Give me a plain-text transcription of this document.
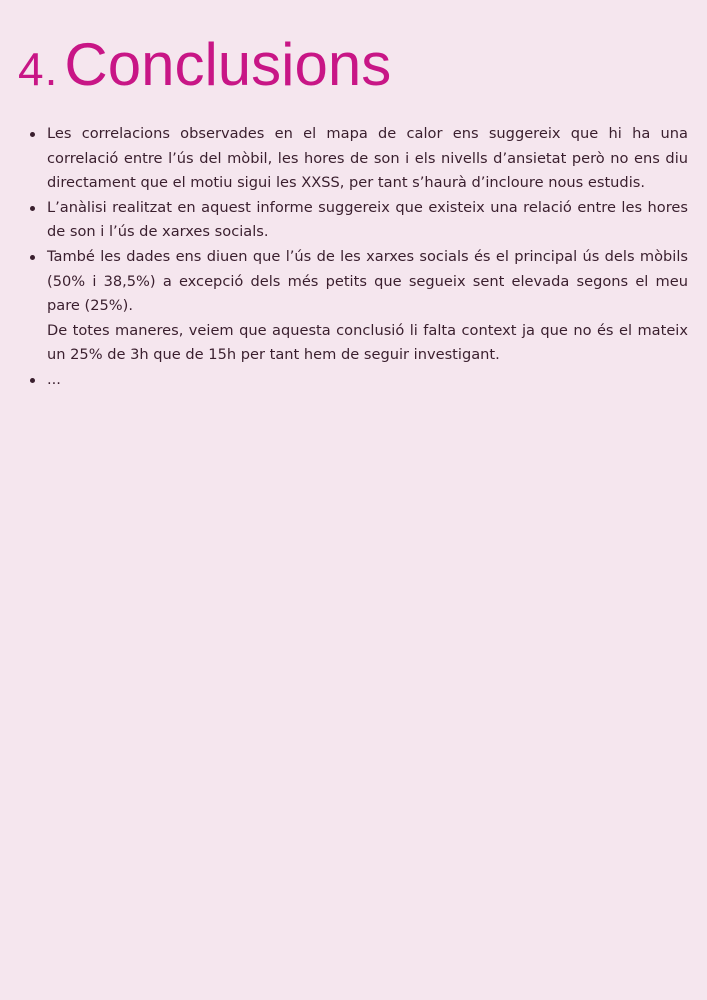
4. Conclusions

Les correlacions observades en el mapa de calor ens suggereix que hi ha una correlació entre l’ús del mòbil, les hores de son i els nivells d’ansietat però no ens diu directament que el motiu sigui les XXSS, per tant s’haurà d’incloure nous estudis.

L’anàlisi realitzat en aquest informe suggereix que existeix una relació entre les hores de son i l’ús de xarxes socials.

També les dades ens diuen que l’ús de les xarxes socials és el principal ús dels mòbils (50% i 38,5%) a excepció dels més petits que segueix sent elevada segons el meu pare (25%).

De totes maneres, veiem que aquesta conclusió li falta context ja que no és el mateix un 25% de 3h que de 15h per tant hem de seguir investigant.

...
